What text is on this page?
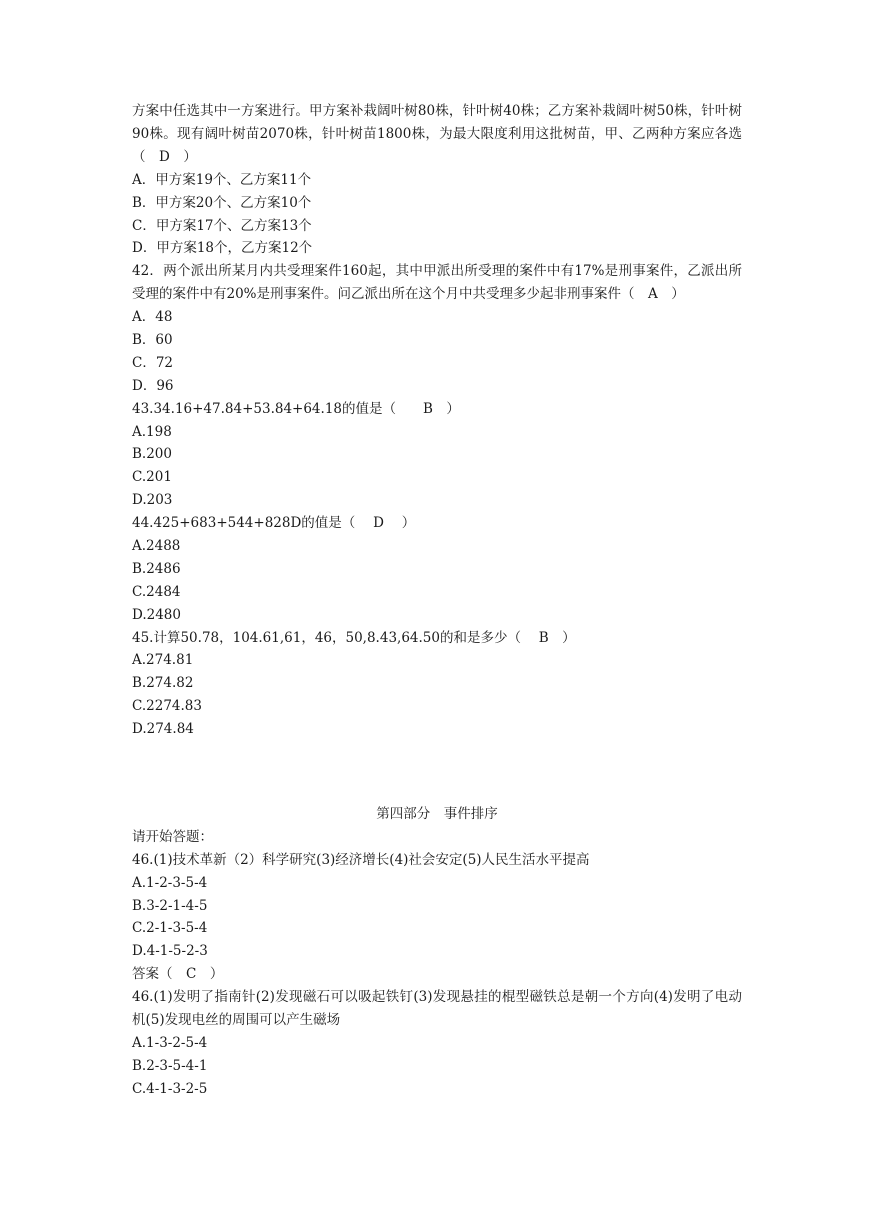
方案中任选其中一方案进行。甲方案补栽阔叶树80株，针叶树40株；乙方案补栽阔叶树50株，针叶树90株。现有阔叶树苗2070株，针叶树苗1800株，为最大限度利用这批树苗，甲、乙两种方案应各选（　D　）
A．甲方案19个、乙方案11个
B．甲方案20个、乙方案10个
C．甲方案17个、乙方案13个
D．甲方案18个，乙方案12个
42．两个派出所某月内共受理案件160起，其中甲派出所受理的案件中有17%是刑事案件，乙派出所受理的案件中有20%是刑事案件。问乙派出所在这个月中共受理多少起非刑事案件（　A　）
A．48
B．60
C．72
D．96
43.34.16+47.84+53.84+64.18的值是（　　B　）
A.198
B.200
C.201
D.203
44.425+683+544+828D的值是（　 D　 ）
A.2488
B.2486
C.2484
D.2480
45.计算50.78，104.61,61，46，50,8.43,64.50的和是多少（　 B　）
A.274.81
B.274.82
C.2274.83
D.274.84
第四部分　事件排序
请开始答题：
46.(1)技术革新（2）科学研究(3)经济增长(4)社会安定(5)人民生活水平提高
A.1-2-3-5-4
B.3-2-1-4-5
C.2-1-3-5-4
D.4-1-5-2-3
答案（　C　）
46.(1)发明了指南针(2)发现磁石可以吸起铁钉(3)发现悬挂的棍型磁铁总是朝一个方向(4)发明了电动机(5)发现电丝的周围可以产生磁场
A.1-3-2-5-4
B.2-3-5-4-1
C.4-1-3-2-5
